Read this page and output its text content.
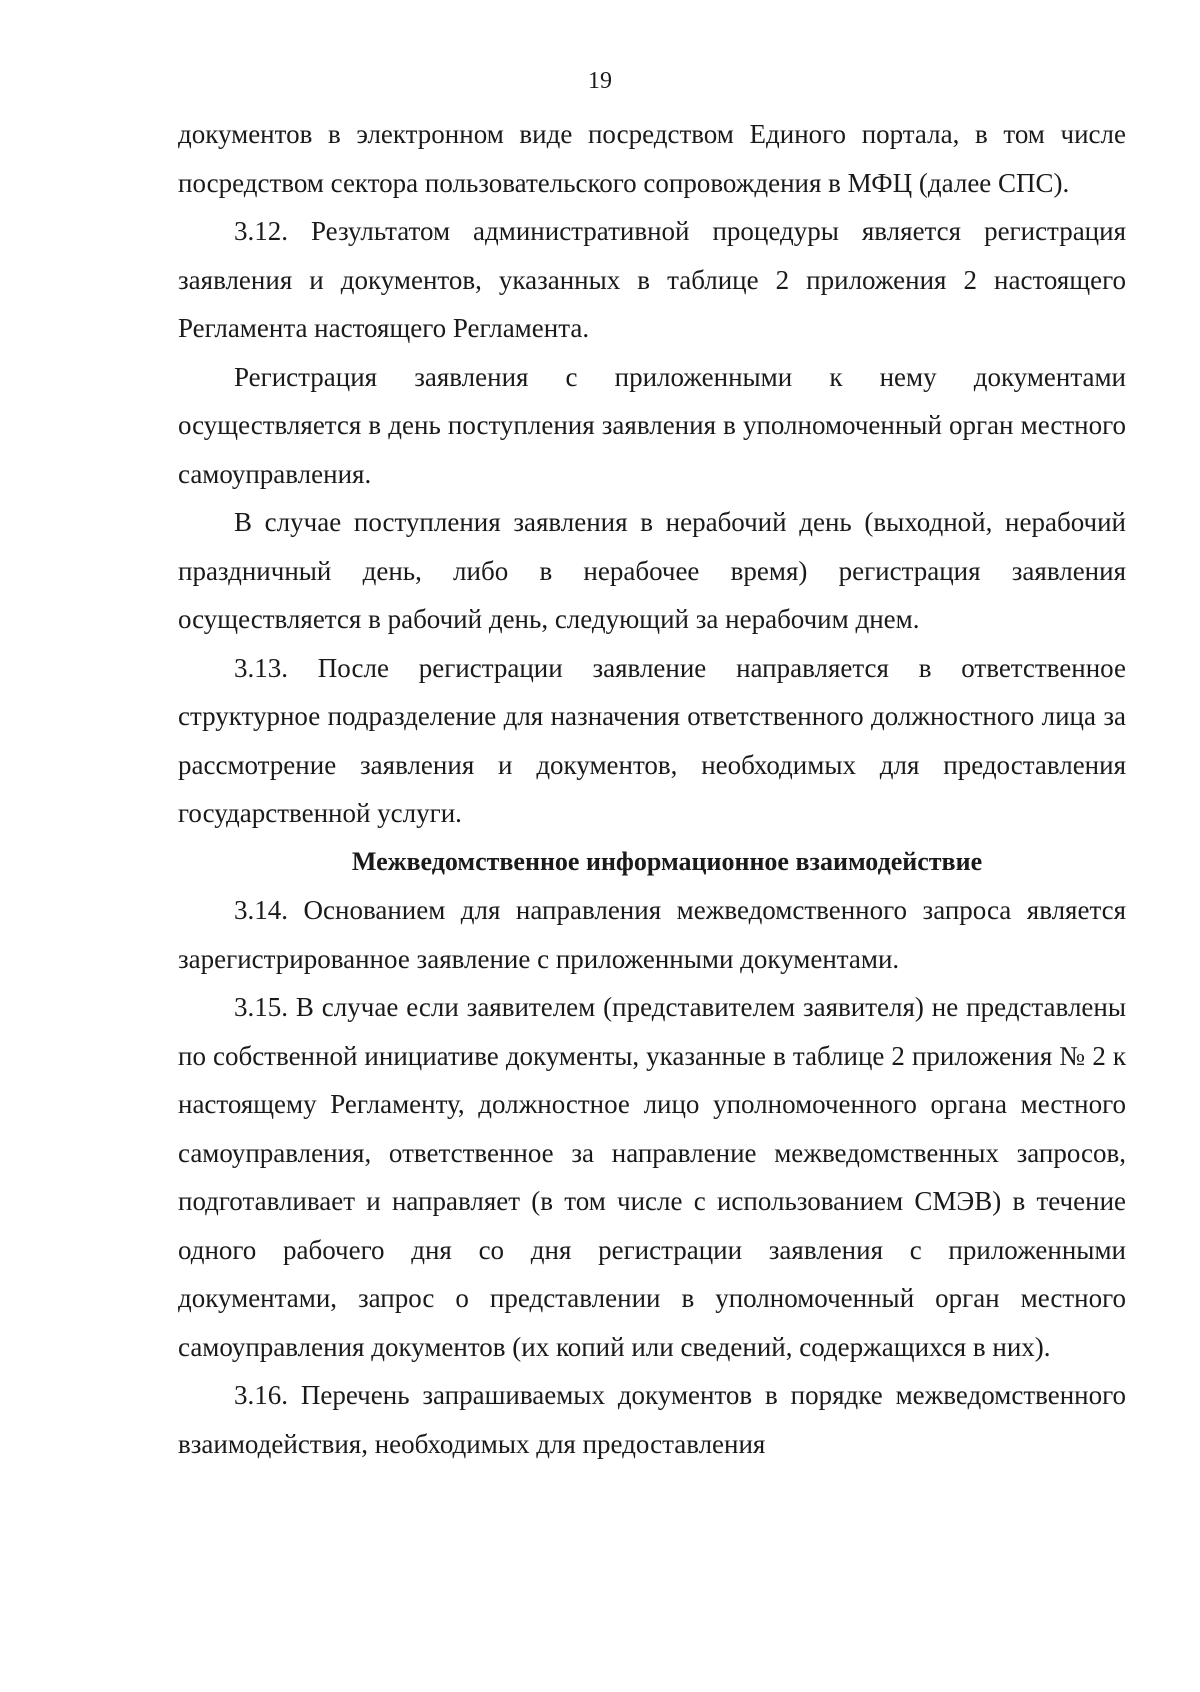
19

документов в электронном виде посредством Единого портала, в том числе посредством сектора пользовательского сопровождения в МФЦ (далее СПС).

3.12. Результатом административной процедуры является регистрация заявления и документов, указанных в таблице 2 приложения 2 настоящего Регламента настоящего Регламента.

Регистрация заявления с приложенными к нему документами осуществляется в день поступления заявления в уполномоченный орган местного самоуправления.

В случае поступления заявления в нерабочий день (выходной, нерабочий праздничный день, либо в нерабочее время) регистрация заявления осуществляется в рабочий день, следующий за нерабочим днем.

3.13. После регистрации заявление направляется в ответственное структурное подразделение для назначения ответственного должностного лица за рассмотрение заявления и документов, необходимых для предоставления государственной услуги.

Межведомственное информационное взаимодействие

3.14. Основанием для направления межведомственного запроса является зарегистрированное заявление с приложенными документами.

3.15. В случае если заявителем (представителем заявителя) не представлены по собственной инициативе документы, указанные в таблице 2 приложения № 2 к настоящему Регламенту, должностное лицо уполномоченного органа местного самоуправления, ответственное за направление межведомственных запросов, подготавливает и направляет (в том числе с использованием СМЭВ) в течение одного рабочего дня со дня регистрации заявления с приложенными документами, запрос о представлении в уполномоченный орган местного самоуправления документов (их копий или сведений, содержащихся в них).

3.16. Перечень запрашиваемых документов в порядке межведомственного взаимодействия, необходимых для предоставления
